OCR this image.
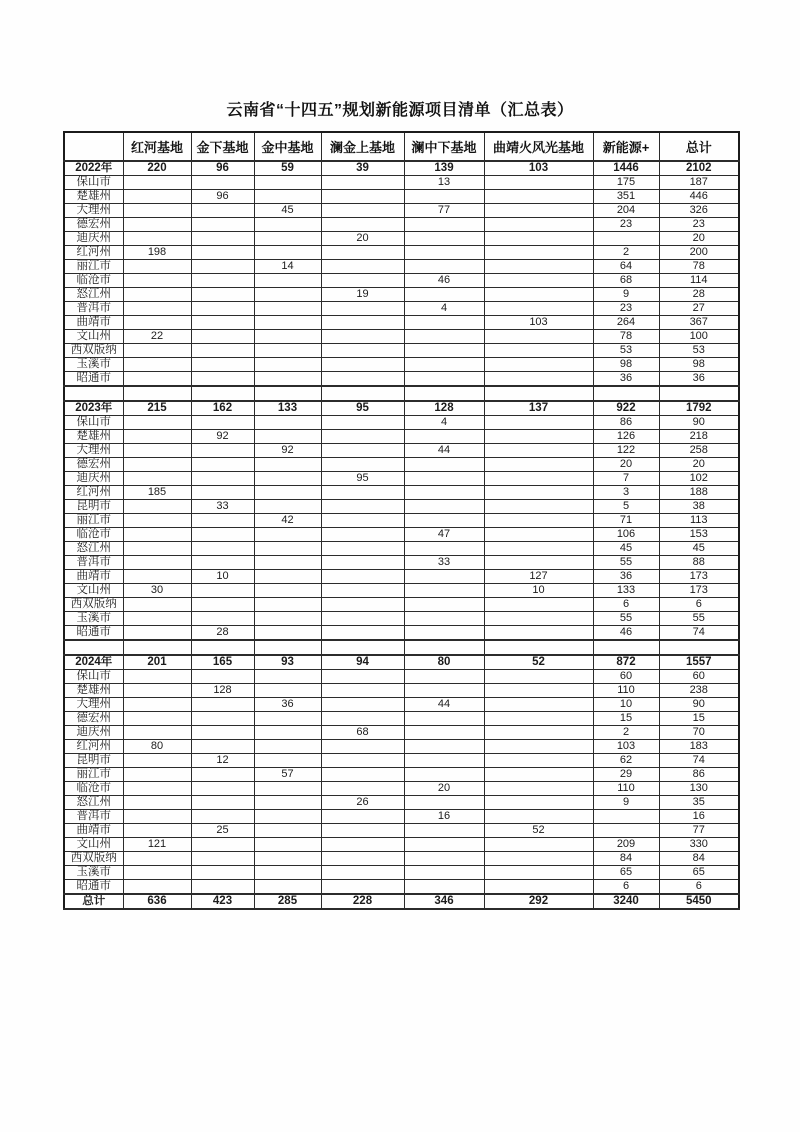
云南省“十四五”规划新能源项目清单（汇总表）
	红河基地	金下基地	金中基地	澜金上基地	澜中下基地	曲靖火风光基地	新能源+	总计
2022年	220	96	59	39	139	103	1446	2102
保山市					13		175	187
楚雄州		96					351	446
大理州			45		77		204	326
德宏州							23	23
迪庆州				20				20
红河州	198						2	200
丽江市			14				64	78
临沧市					46		68	114
怒江州				19			9	28
普洱市					4		23	27
曲靖市						103	264	367
文山州	22						78	100
西双版纳							53	53
玉溪市							98	98
昭通市							36	36

2023年	215	162	133	95	128	137	922	1792
保山市					4		86	90
楚雄州		92					126	218
大理州			92		44		122	258
德宏州							20	20
迪庆州				95			7	102
红河州	185						3	188
昆明市		33					5	38
丽江市			42				71	113
临沧市					47		106	153
怒江州							45	45
普洱市					33		55	88
曲靖市		10				127	36	173
文山州	30					10	133	173
西双版纳							6	6
玉溪市							55	55
昭通市		28					46	74

2024年	201	165	93	94	80	52	872	1557
保山市							60	60
楚雄州		128					110	238
大理州			36		44		10	90
德宏州							15	15
迪庆州				68			2	70
红河州	80						103	183
昆明市		12					62	74
丽江市			57				29	86
临沧市					20		110	130
怒江州				26			9	35
普洱市					16			16
曲靖市		25				52		77
文山州	121						209	330
西双版纳							84	84
玉溪市							65	65
昭通市							6	6
总计	636	423	285	228	346	292	3240	5450
